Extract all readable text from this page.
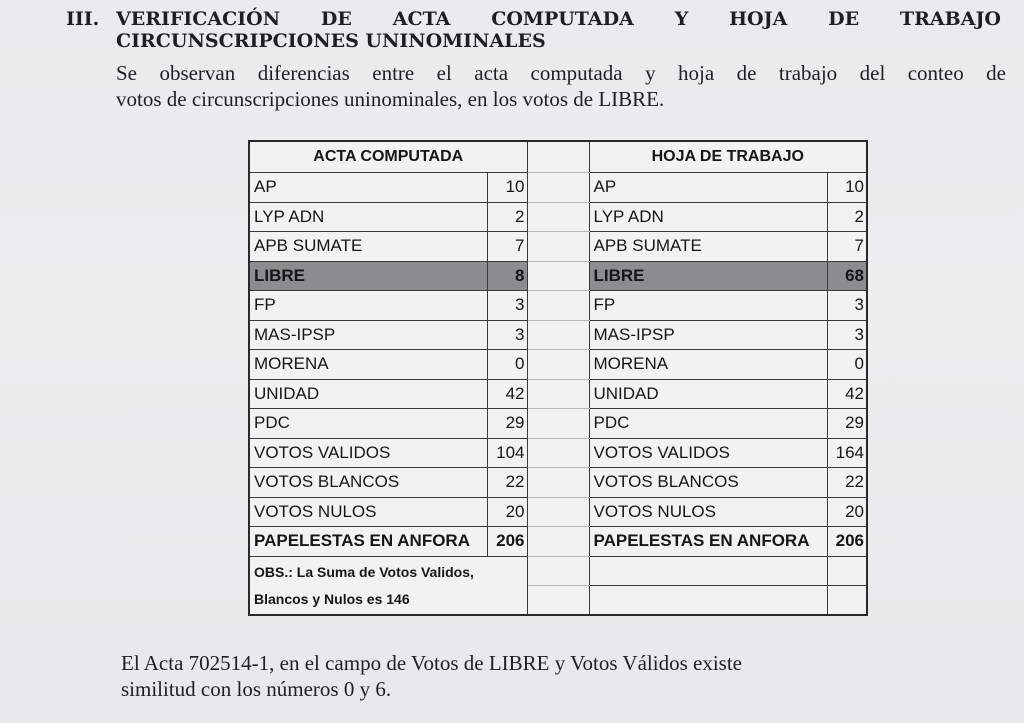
III. VERIFICACIÓN DE ACTA COMPUTADA Y HOJA DE TRABAJO
CIRCUNSCRIPCIONES UNINOMINALES
Se observan diferencias entre el acta computada y hoja de trabajo del conteo de
votos de circunscripciones uninominales, en los votos de LIBRE.
ACTA COMPUTADA			HOJA DE TRABAJO	
AP	10		AP	10
LYP ADN	2		LYP ADN	2
APB SUMATE	7		APB SUMATE	7
LIBRE	8		LIBRE	68
FP	3		FP	3
MAS-IPSP	3		MAS-IPSP	3
MORENA	0		MORENA	0
UNIDAD	42		UNIDAD	42
PDC	29		PDC	29
VOTOS VALIDOS	104		VOTOS VALIDOS	164
VOTOS BLANCOS	22		VOTOS BLANCOS	22
VOTOS NULOS	20		VOTOS NULOS	20
PAPELESTAS EN ANFORA	206		PAPELESTAS EN ANFORA	206

OBS.: La Suma de Votos Validos,
Blancos y Nulos es 146				

El Acta 702514-1, en el campo de Votos de LIBRE y Votos Válidos existe
similitud con los números 0 y 6.
